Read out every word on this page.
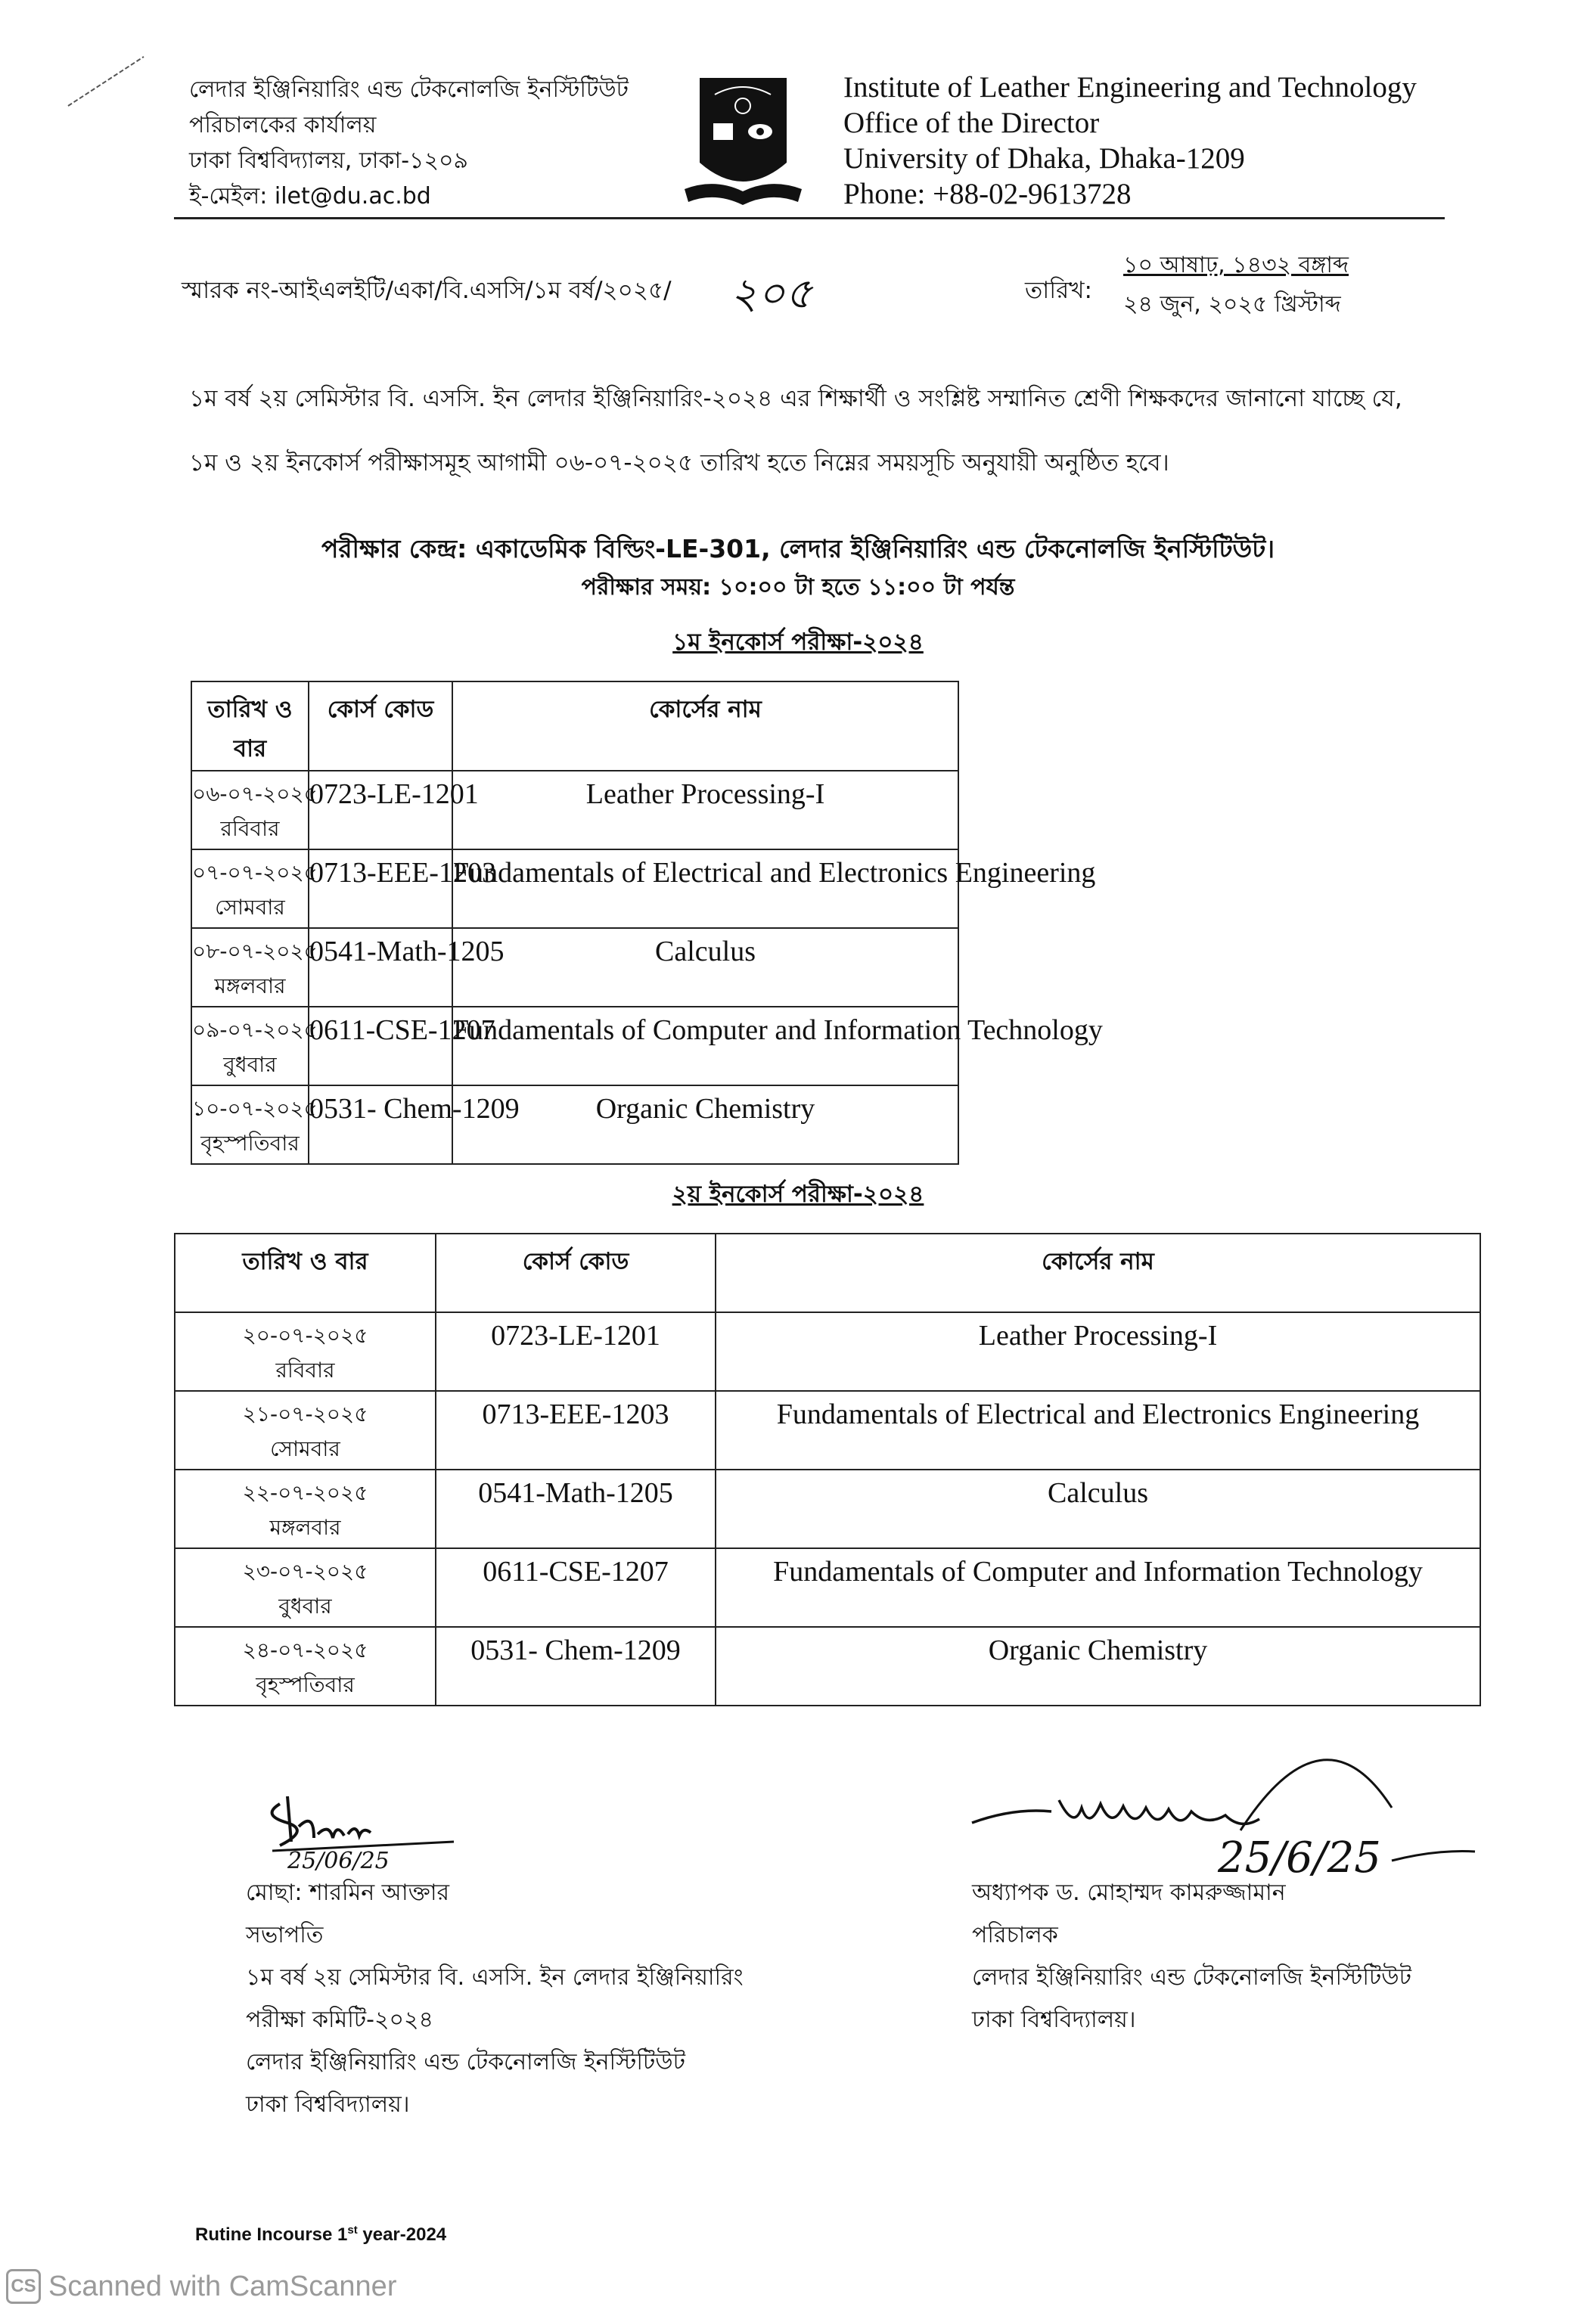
লেদার ইঞ্জিনিয়ারিং এন্ড টেকনোলজি ইনস্টিটিউট
পরিচালকের কার্যালয়
ঢাকা বিশ্ববিদ্যালয়, ঢাকা-১২০৯
ই-মেইল: ilet@du.ac.bd
Institute of Leather Engineering and Technology
Office of the Director
University of Dhaka, Dhaka-1209
Phone: +88-02-9613728
স্মারক নং-আইএলইটি/একা/বি.এসসি/১ম বর্ষ/২০২৫/ ২০৫	তারিখ:
১০ আষাঢ়, ১৪৩২ বঙ্গাব্দ
২৪ জুন, ২০২৫ খ্রিস্টাব্দ
১ম বর্ষ ২য় সেমিস্টার বি. এসসি. ইন লেদার ইঞ্জিনিয়ারিং-২০২৪ এর শিক্ষার্থী ও সংশ্লিষ্ট সম্মানিত শ্রেণী শিক্ষকদের জানানো যাচ্ছে যে,
১ম ও ২য় ইনকোর্স পরীক্ষাসমূহ আগামী ০৬-০৭-২০২৫ তারিখ হতে নিম্নের সময়সূচি অনুযায়ী অনুষ্ঠিত হবে।
পরীক্ষার কেন্দ্র: একাডেমিক বিল্ডিং-LE-301, লেদার ইঞ্জিনিয়ারিং এন্ড টেকনোলজি ইনস্টিটিউট।
পরীক্ষার সময়: ১০:০০ টা হতে ১১:০০ টা পর্যন্ত
১ম ইনকোর্স পরীক্ষা-২০২৪
তারিখ ও বার	কোর্স কোড	কোর্সের নাম

০৬-০৭-২০২৫
রবিবার	0723-LE-1201	Leather Processing-I

০৭-০৭-২০২৫
সোমবার	0713-EEE-1203	Fundamentals of Electrical and Electronics Engineering

০৮-০৭-২০২৫
মঙ্গলবার	0541-Math-1205	Calculus

০৯-০৭-২০২৫
বুধবার	0611-CSE-1207	Fundamentals of Computer and Information Technology

১০-০৭-২০২৫
বৃহস্পতিবার	0531- Chem-1209	Organic Chemistry
২য় ইনকোর্স পরীক্ষা-২০২৪
তারিখ ও বার	কোর্স কোড	কোর্সের নাম

২০-০৭-২০২৫
রবিবার	0723-LE-1201	Leather Processing-I

২১-০৭-২০২৫
সোমবার	0713-EEE-1203	Fundamentals of Electrical and Electronics Engineering

২২-০৭-২০২৫
মঙ্গলবার	0541-Math-1205	Calculus

২৩-০৭-২০২৫
বুধবার	0611-CSE-1207	Fundamentals of Computer and Information Technology

২৪-০৭-২০২৫
বৃহস্পতিবার	0531- Chem-1209	Organic Chemistry
25/06/25	25/6/25
মোছা: শারমিন আক্তার
সভাপতি
১ম বর্ষ ২য় সেমিস্টার বি. এসসি. ইন লেদার ইঞ্জিনিয়ারিং
পরীক্ষা কমিটি-২০২৪
লেদার ইঞ্জিনিয়ারিং এন্ড টেকনোলজি ইনস্টিটিউট
ঢাকা বিশ্ববিদ্যালয়।
অধ্যাপক ড. মোহাম্মদ কামরুজ্জামান
পরিচালক
লেদার ইঞ্জিনিয়ারিং এন্ড টেকনোলজি ইনস্টিটিউট
ঢাকা বিশ্ববিদ্যালয়।
Rutine Incourse 1st year-2024
CS Scanned with CamScanner
